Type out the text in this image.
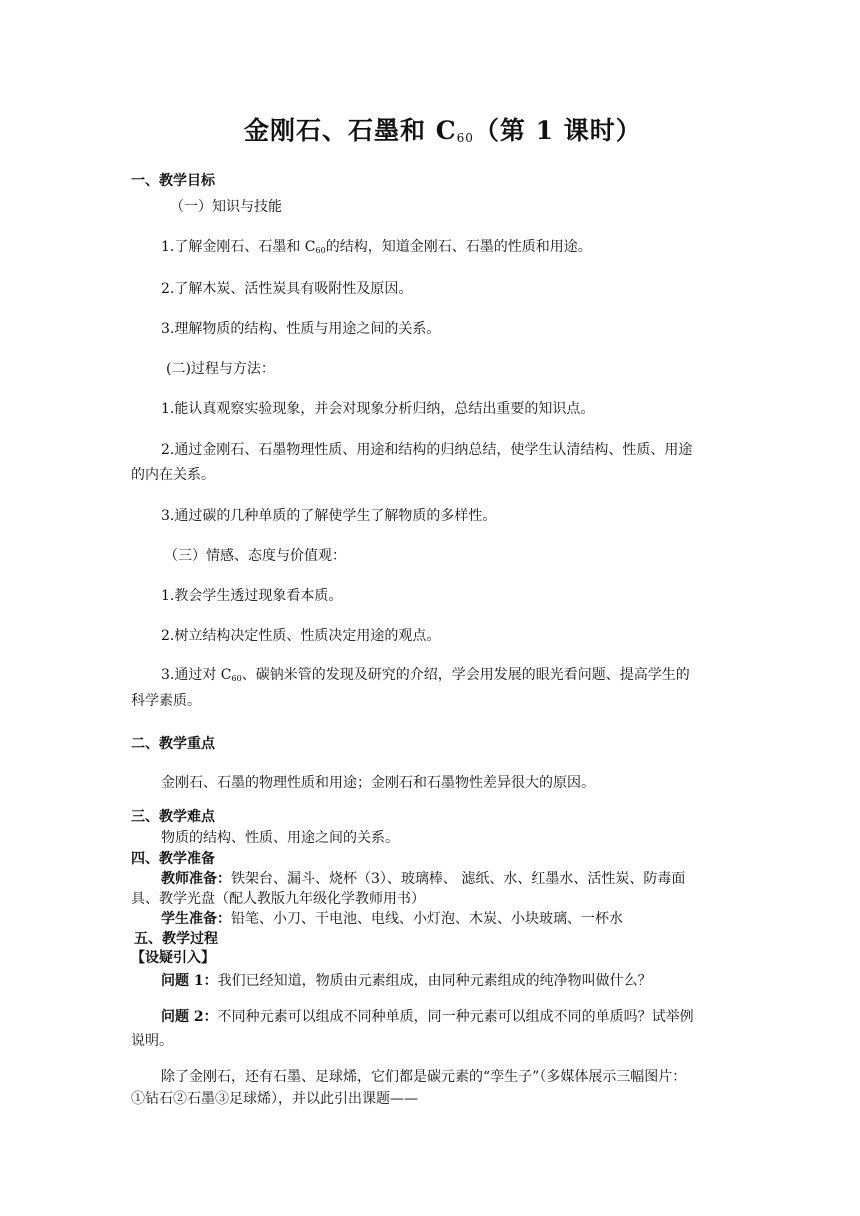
金刚石、石墨和 $C_{60}$（第 1 课时）
一、教学目标
（一）知识与技能
1.了解金刚石、石墨和 $C_{60}$的结构，知道金刚石、石墨的性质和用途。
2.了解木炭、活性炭具有吸附性及原因。
3.理解物质的结构、性质与用途之间的关系。
(二)过程与方法：
1.能认真观察实验现象，并会对现象分析归纳，总结出重要的知识点。
2.通过金刚石、石墨物理性质、用途和结构的归纳总结，使学生认清结构、性质、用途
的内在关系。
3.通过碳的几种单质的了解使学生了解物质的多样性。
（三）情感、态度与价值观：
1.教会学生透过现象看本质。
2.树立结构决定性质、性质决定用途的观点。
3.通过对 $C_{60}$、碳钠米管的发现及研究的介绍，学会用发展的眼光看问题、提高学生的
科学素质。
二、教学重点
金刚石、石墨的物理性质和用途；金刚石和石墨物性差异很大的原因。
三、教学难点
物质的结构、性质、用途之间的关系。
四、教学准备
教师准备：铁架台、漏斗、烧杯（3）、玻璃棒、 滤纸、水、红墨水、活性炭、防毒面
具、教学光盘（配人教版九年级化学教师用书）
学生准备：铅笔、小刀、干电池、电线、小灯泡、木炭、小块玻璃、一杯水
五、教学过程
【设疑引入】
问题 1：我们已经知道，物质由元素组成，由同种元素组成的纯净物叫做什么？
问题 2：不同种元素可以组成不同种单质，同一种元素可以组成不同的单质吗？试举例
说明。
除了金刚石，还有石墨、足球烯，它们都是碳元素的“孪生子”（多媒体展示三幅图片：
①钻石②石墨③足球烯），并以此引出课题——
